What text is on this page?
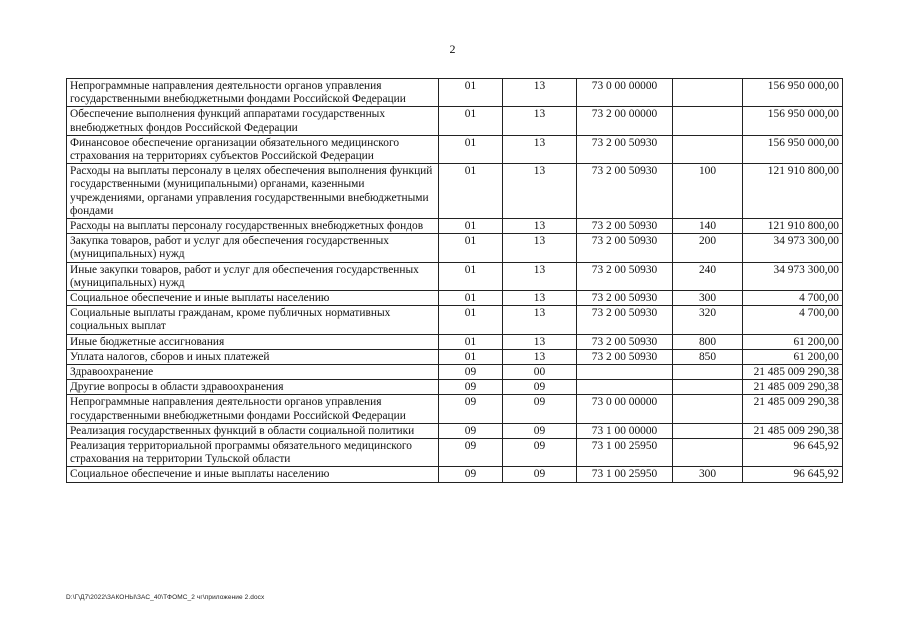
2
Непрограммные направления деятельности органов управления государственными внебюджетными фондами Российской Федерации	01	13	73 0 00 00000		156 950 000,00
Обеспечение выполнения функций аппаратами государственных внебюджетных фондов Российской Федерации	01	13	73 2 00 00000		156 950 000,00
Финансовое обеспечение организации обязательного медицинского страхования на территориях субъектов Российской Федерации	01	13	73 2 00 50930		156 950 000,00
Расходы на выплаты персоналу в целях обеспечения выполнения функций государственными (муниципальными) органами, казенными учреждениями, органами управления государственными внебюджетными фондами	01	13	73 2 00 50930	100	121 910 800,00
Расходы на выплаты персоналу государственных внебюджетных фондов	01	13	73 2 00 50930	140	121 910 800,00
Закупка товаров, работ и услуг для обеспечения государственных (муниципальных) нужд	01	13	73 2 00 50930	200	34 973 300,00
Иные закупки товаров, работ и услуг для обеспечения государственных (муниципальных) нужд	01	13	73 2 00 50930	240	34 973 300,00
Социальное обеспечение и иные выплаты населению	01	13	73 2 00 50930	300	4 700,00
Социальные выплаты гражданам, кроме публичных нормативных социальных выплат	01	13	73 2 00 50930	320	4 700,00
Иные бюджетные ассигнования	01	13	73 2 00 50930	800	61 200,00
Уплата налогов, сборов и иных платежей	01	13	73 2 00 50930	850	61 200,00
Здравоохранение	09	00			21 485 009 290,38
Другие вопросы в области здравоохранения	09	09			21 485 009 290,38
Непрограммные направления деятельности органов управления государственными внебюджетными фондами Российской Федерации	09	09	73 0 00 00000		21 485 009 290,38
Реализация государственных функций в области социальной политики	09	09	73 1 00 00000		21 485 009 290,38
Реализация территориальной программы обязательного медицинского страхования на территории Тульской области	09	09	73 1 00 25950		96 645,92
Социальное обеспечение и иные выплаты населению	09	09	73 1 00 25950	300	96 645,92
D:\Г\Д7\2022\ЗАКОНЫ\ЗАС_40\ТФОМС_2 чг\приложение 2.docx
